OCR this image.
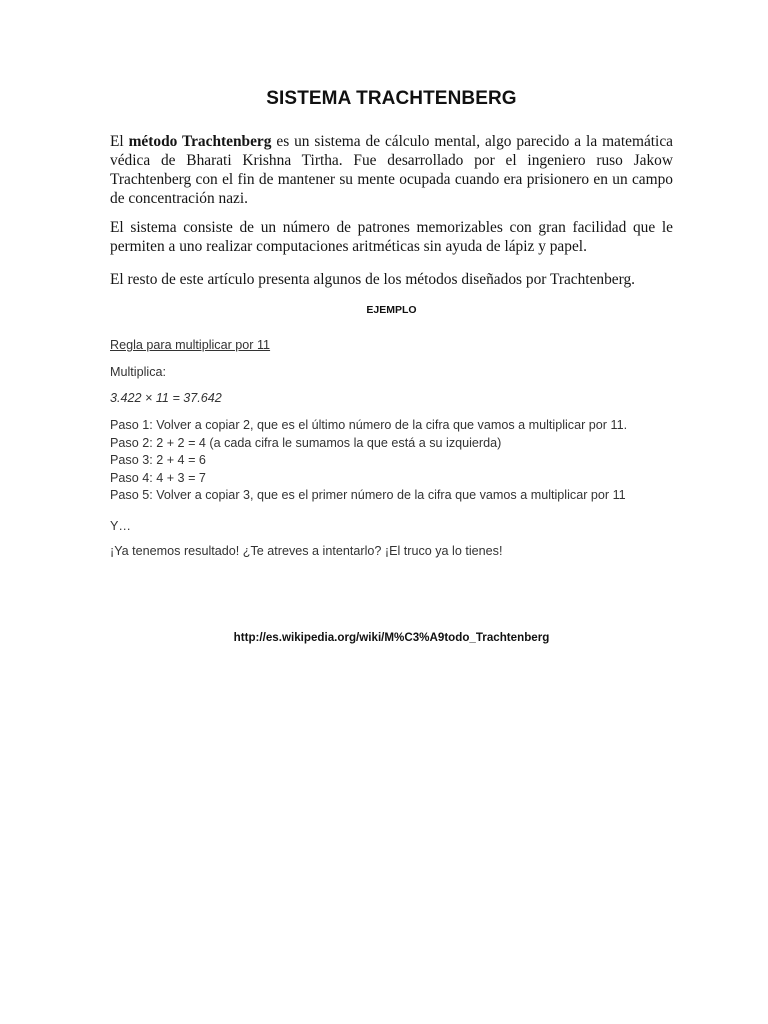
SISTEMA TRACHTENBERG

El método Trachtenberg es un sistema de cálculo mental, algo parecido a la matemática védica de Bharati Krishna Tirtha. Fue desarrollado por el ingeniero ruso Jakow Trachtenberg con el fin de mantener su mente ocupada cuando era prisionero en un campo de concentración nazi.

El sistema consiste de un número de patrones memorizables con gran facilidad que le permiten a uno realizar computaciones aritméticas sin ayuda de lápiz y papel.

El resto de este artículo presenta algunos de los métodos diseñados por Trachtenberg.

EJEMPLO

Regla para multiplicar por 11

Multiplica:

3.422 × 11 = 37.642

Paso 1: Volver a copiar 2, que es el último número de la cifra que vamos a multiplicar por 11.
Paso 2: 2 + 2 = 4 (a cada cifra le sumamos la que está a su izquierda)
Paso 3: 2 + 4 = 6
Paso 4: 4 + 3 = 7
Paso 5: Volver a copiar 3, que es el primer número de la cifra que vamos a multiplicar por 11

Y…

¡Ya tenemos resultado! ¿Te atreves a intentarlo? ¡El truco ya lo tienes!

http://es.wikipedia.org/wiki/M%C3%A9todo_Trachtenberg
